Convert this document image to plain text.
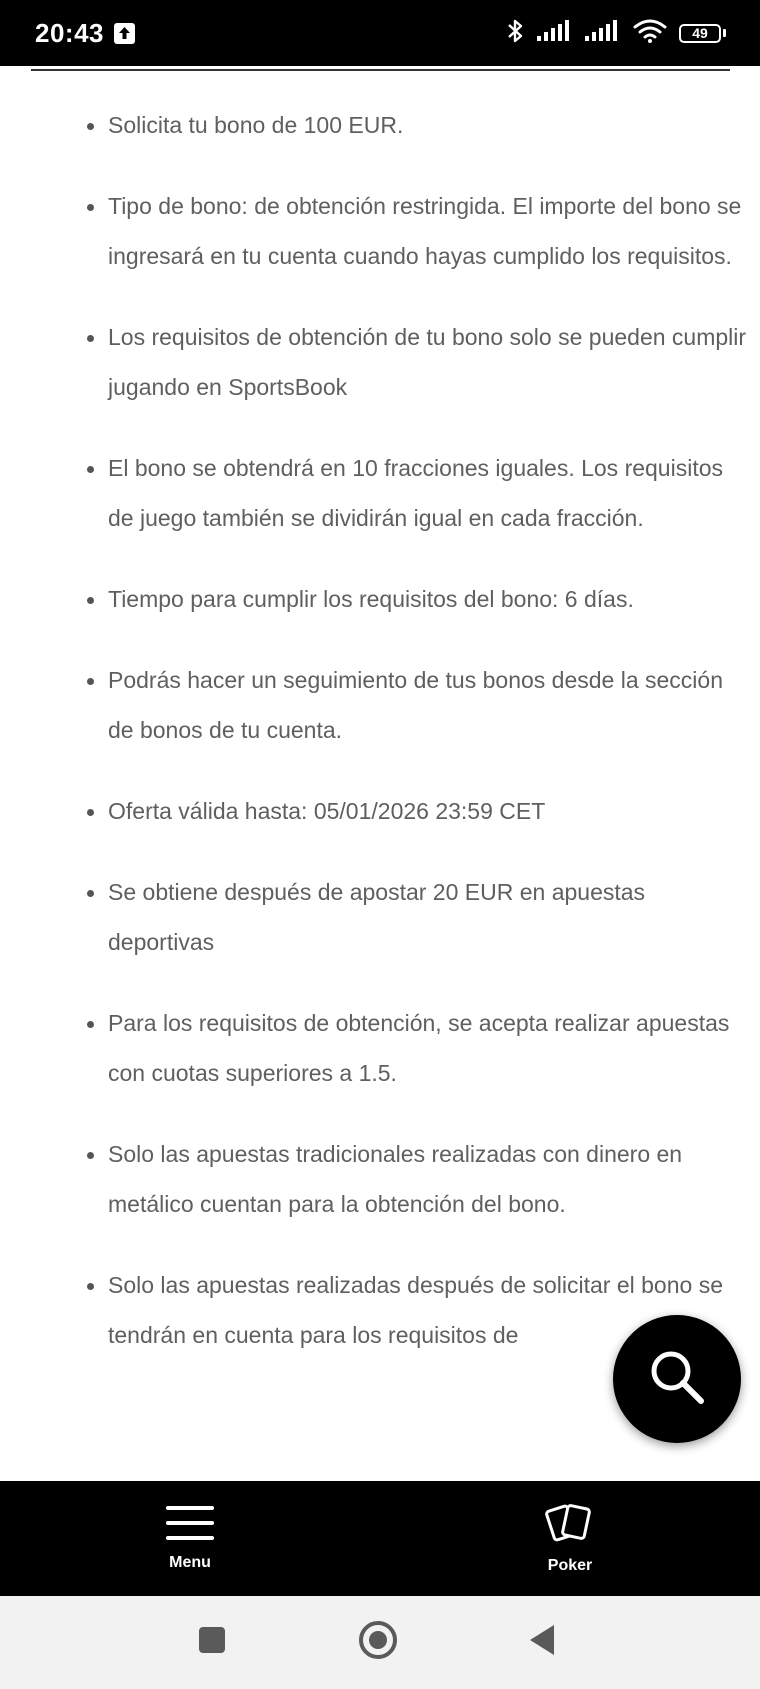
20:43	49
Solicita tu bono de 100 EUR.
Tipo de bono: de obtención restringida. El importe del bono se ingresará en tu cuenta cuando hayas cumplido los requisitos.
Los requisitos de obtención de tu bono solo se pueden cumplir jugando en SportsBook
El bono se obtendrá en 10 fracciones iguales. Los requisitos de juego también se dividirán igual en cada fracción.
Tiempo para cumplir los requisitos del bono: 6 días.
Podrás hacer un seguimiento de tus bonos desde la sección de bonos de tu cuenta.
Oferta válida hasta: 05/01/2026 23:59 CET
Se obtiene después de apostar 20 EUR en apuestas deportivas
Para los requisitos de obtención, se acepta realizar apuestas con cuotas superiores a 1.5.
Solo las apuestas tradicionales realizadas con dinero en metálico cuentan para la obtención del bono.
Solo las apuestas realizadas después de solicitar el bono se tendrán en cuenta para los requisitos de
Menu	Poker
